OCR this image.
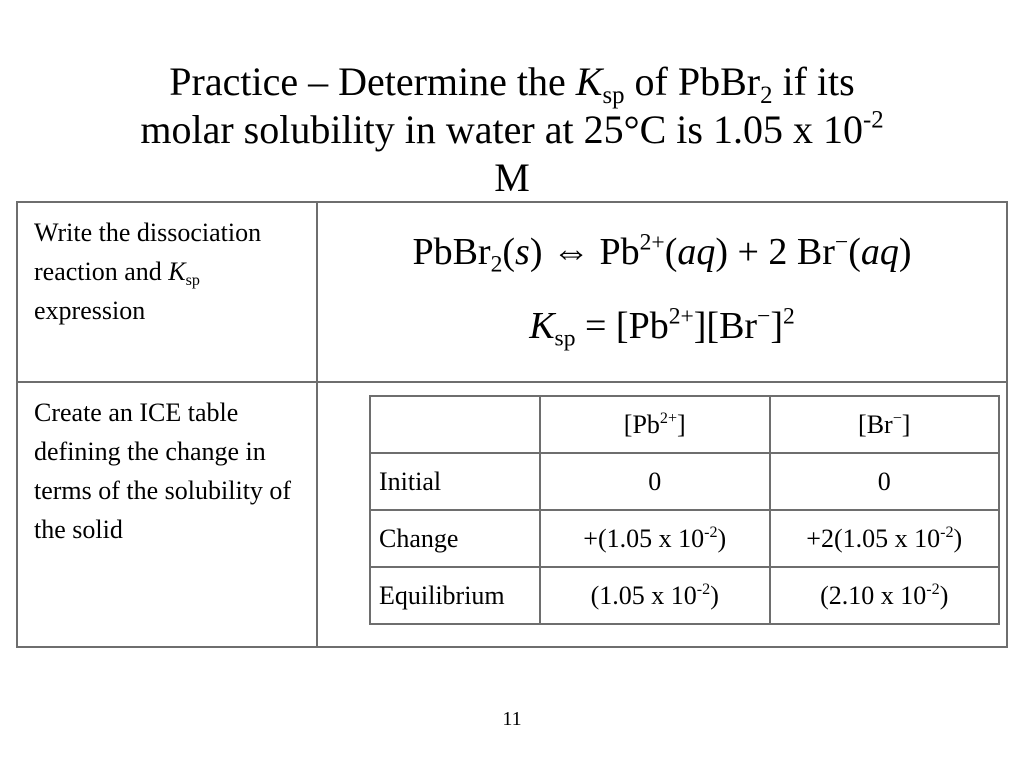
Practice – Determine the $K_{sp}$ of PbBr$_2$ if its
molar solubility in water at 25°C is 1.05 x $10^{-2}$
M
Write the dissociation reaction and $K_{sp}$ expression	
PbBr$_2$(s) ⇔ $Pb^{2+}(aq) + 2$ Br−(aq)
$K_{sp} = [Pb^{2+}][Br^-]^2$

Create an ICE table defining the change in terms of the solubility of the solid	
	$[Pb^{2+}]$	[Br−]
Initial	0	0
Change	+(1.05 x $10^{-2}$)	+2(1.05 x $10^{-2}$)
Equilibrium	(1.05 x $10^{-2}$)	(2.10 x $10^{-2}$)
11
